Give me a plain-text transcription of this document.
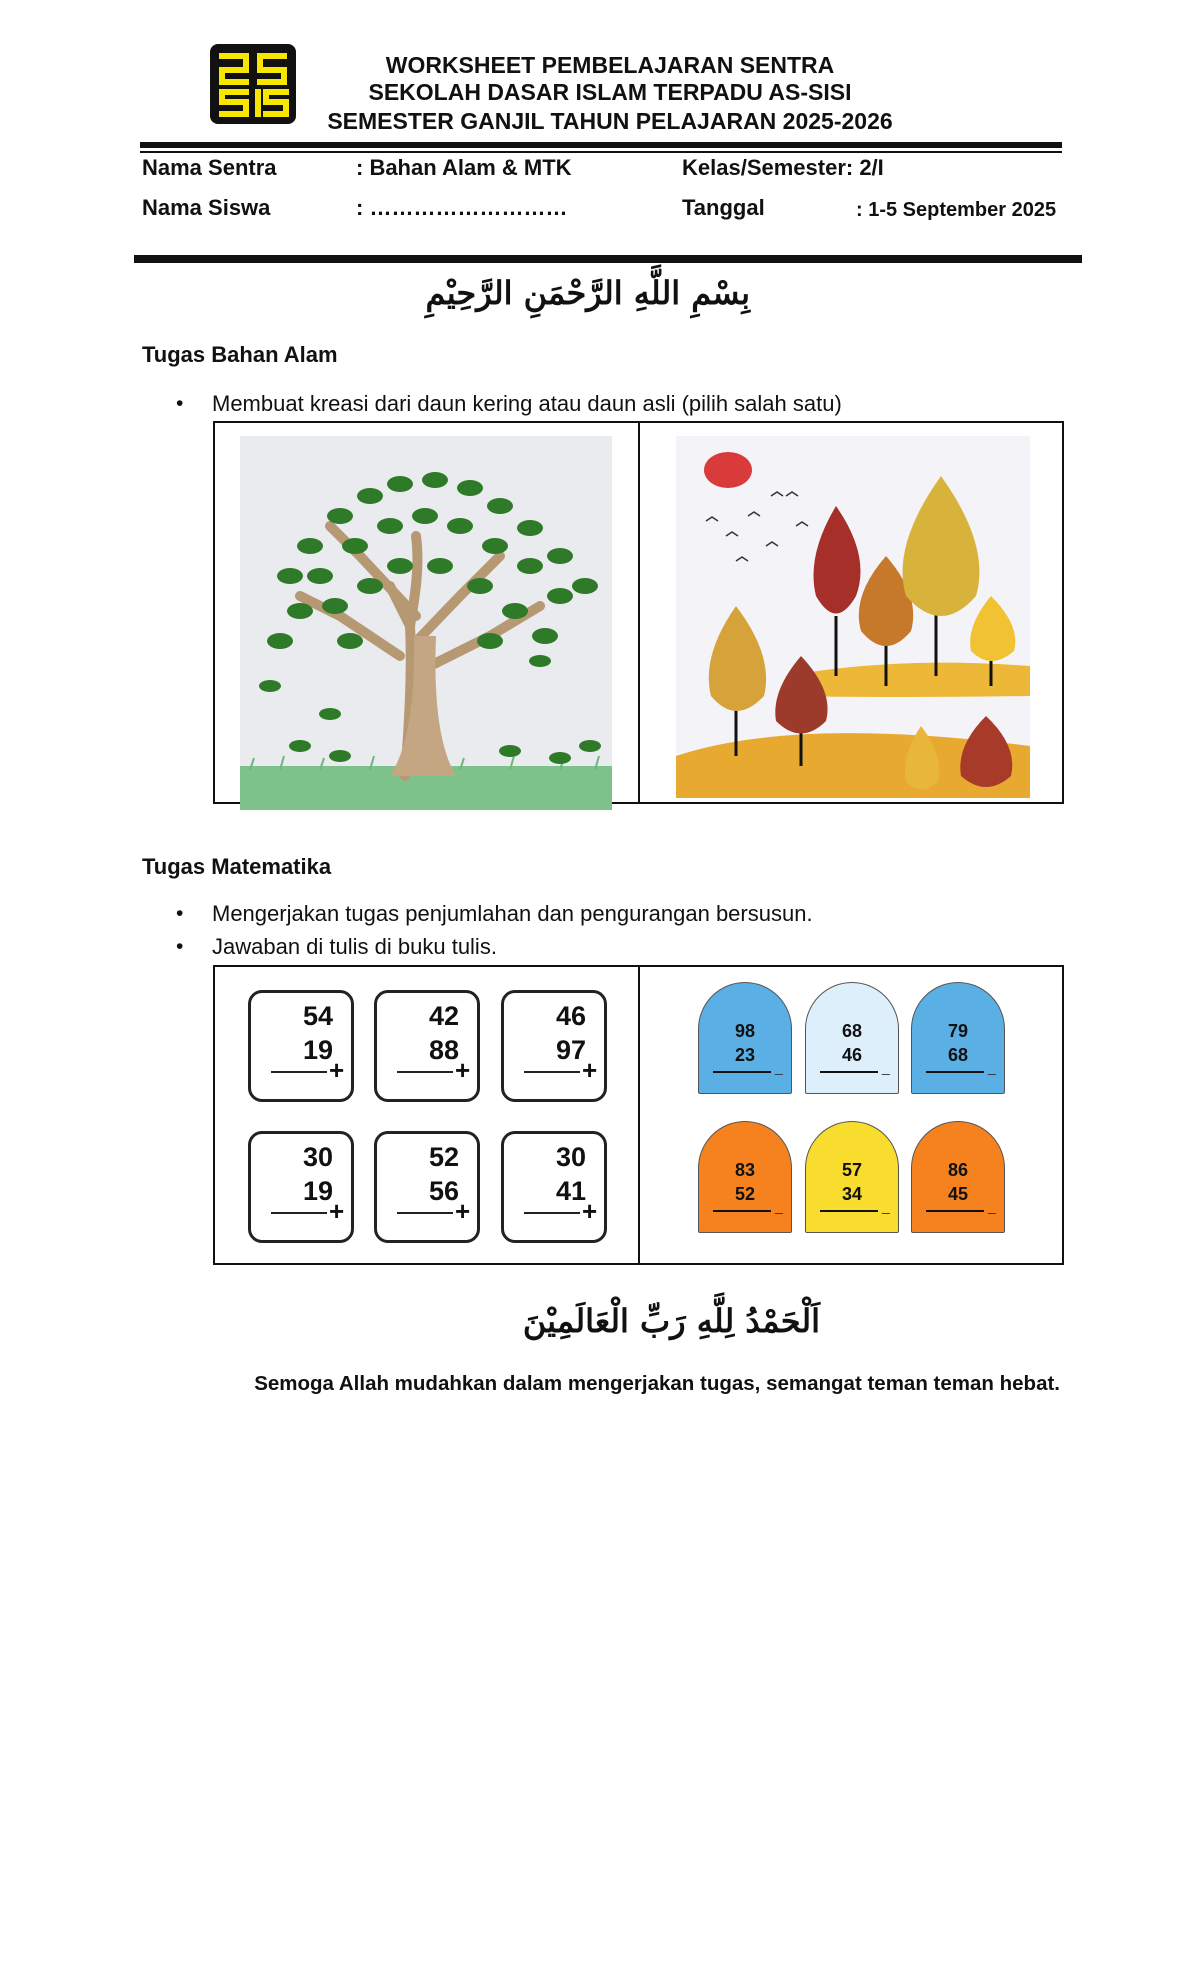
WORKSHEET PEMBELAJARAN SENTRA
SEKOLAH DASAR ISLAM TERPADU AS-SISI
SEMESTER GANJIL TAHUN PELAJARAN 2025-2026
Nama Sentra	: Bahan Alam & MTK	Kelas/Semester: 2/I
Nama Siswa	: ………………………	Tanggal	: 1-5 September 2025
بِسْمِ اللَّهِ الرَّحْمَنِ الرَّحِيْمِ
Tugas Bahan Alam
• Membuat kreasi dari daun kering atau daun asli (pilih salah satu)
Tugas Matematika
• Mengerjakan tugas penjumlahan dan pengurangan bersusun.
• Jawaban di tulis di buku tulis.
54
19
+
42
88
+
46
97
+
30
19
+
52
56
+
30
41
+
98
23
_
68
46
_
79
68
_
83
52
_
57
34
_
86
45
_
اَلْحَمْدُ لِلَّهِ رَبِّ الْعَالَمِيْنَ
Semoga Allah mudahkan dalam mengerjakan tugas, semangat teman teman hebat.
